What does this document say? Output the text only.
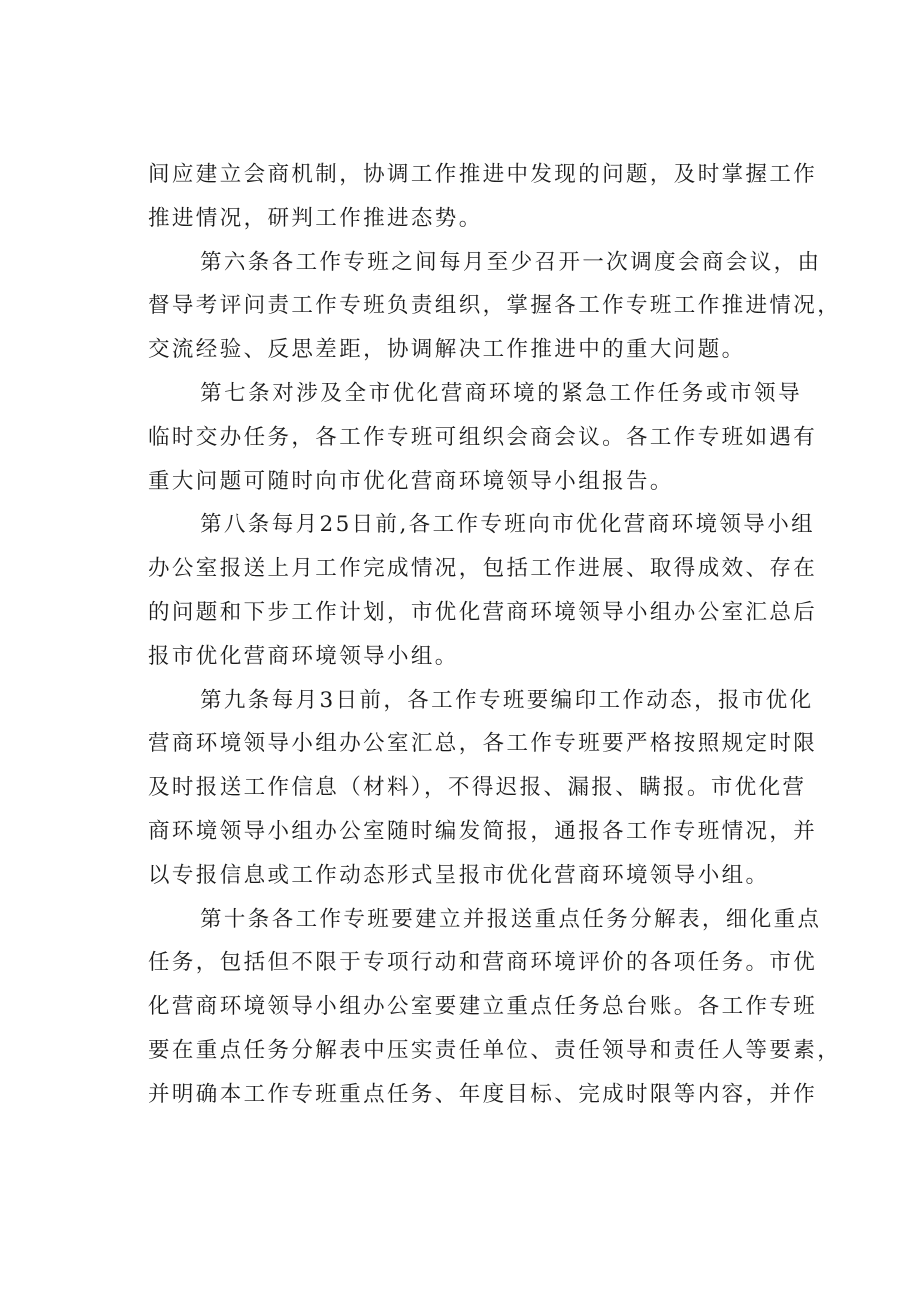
间应建立会商机制，协调工作推进中发现的问题，及时掌握工作
推进情况，研判工作推进态势。
第六条各工作专班之间每月至少召开一次调度会商会议，由
督导考评问责工作专班负责组织，掌握各工作专班工作推进情况，
交流经验、反思差距，协调解决工作推进中的重大问题。
第七条对涉及全市优化营商环境的紧急工作任务或市领导
临时交办任务，各工作专班可组织会商会议。各工作专班如遇有
重大问题可随时向市优化营商环境领导小组报告。
第八条每月25日前,各工作专班向市优化营商环境领导小组
办公室报送上月工作完成情况，包括工作进展、取得成效、存在
的问题和下步工作计划，市优化营商环境领导小组办公室汇总后
报市优化营商环境领导小组。
第九条每月3日前，各工作专班要编印工作动态，报市优化
营商环境领导小组办公室汇总，各工作专班要严格按照规定时限
及时报送工作信息（材料），不得迟报、漏报、瞒报。市优化营
商环境领导小组办公室随时编发简报，通报各工作专班情况，并
以专报信息或工作动态形式呈报市优化营商环境领导小组。
第十条各工作专班要建立并报送重点任务分解表，细化重点
任务，包括但不限于专项行动和营商环境评价的各项任务。市优
化营商环境领导小组办公室要建立重点任务总台账。各工作专班
要在重点任务分解表中压实责任单位、责任领导和责任人等要素，
并明确本工作专班重点任务、年度目标、完成时限等内容，并作
